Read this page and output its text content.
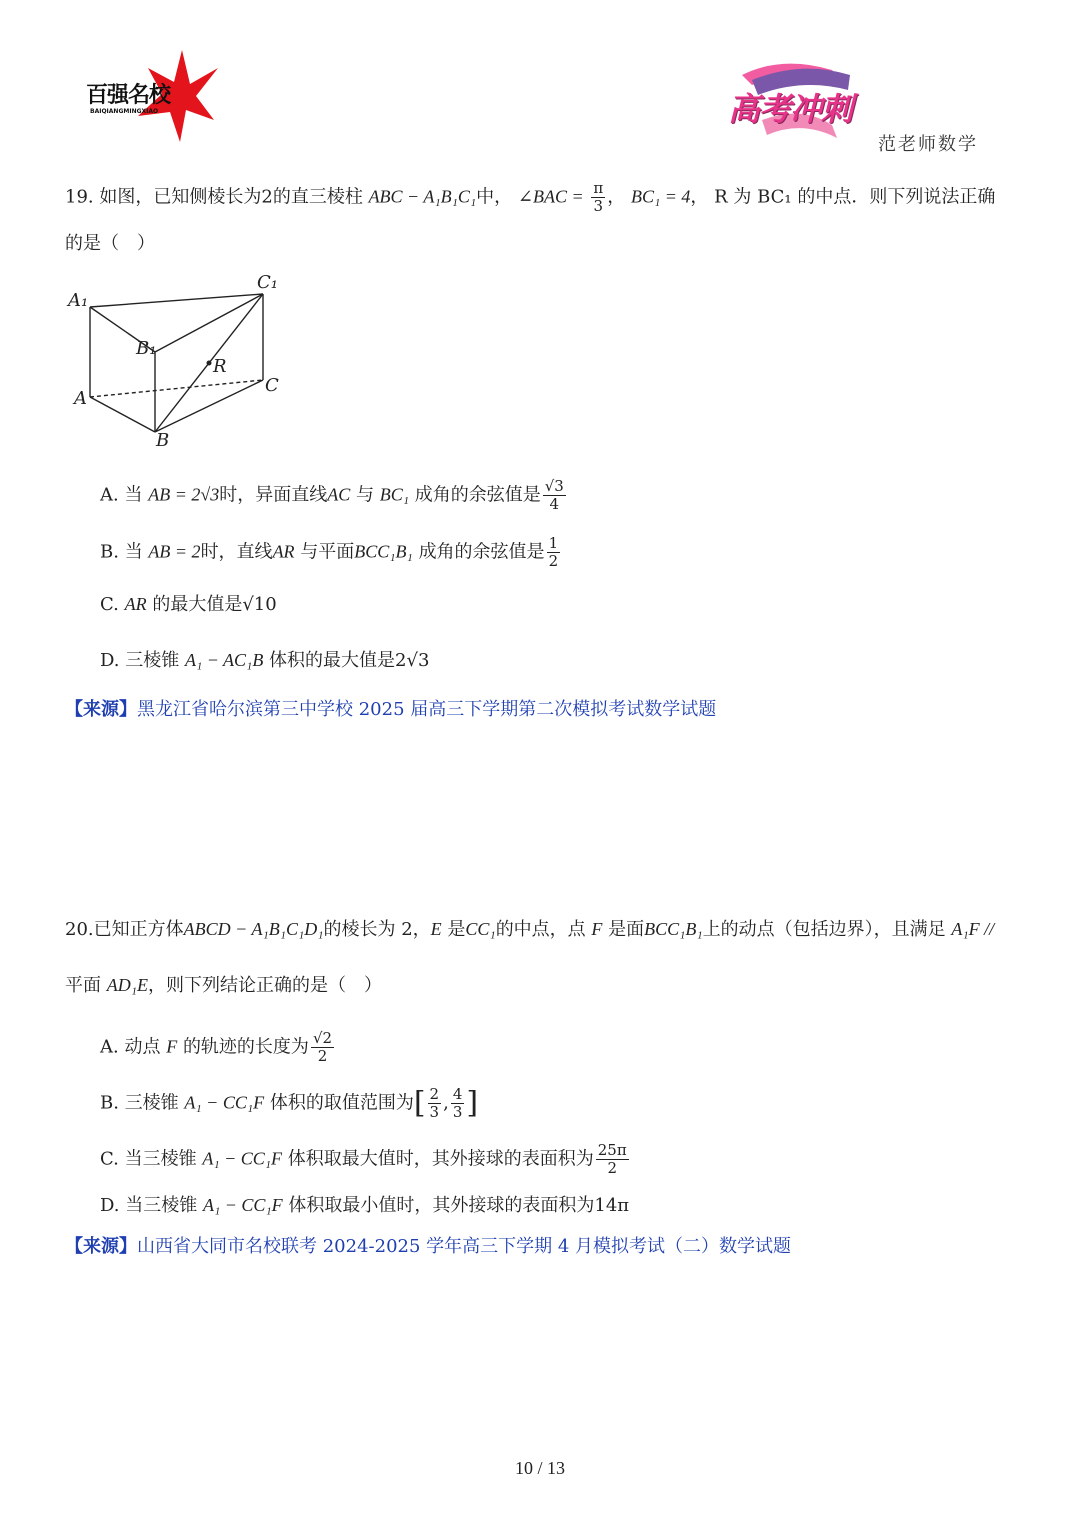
百强名校
BAIQIANGMINGXIAO	高考冲刺
范老师数学
19. 如图，已知侧棱长为2的直三棱柱 ABC − A₁B₁C₁中， ∠BAC = $\frac{\pi}{3}$ ， BC₁ = 4， R 为 BC₁ 的中点．则下列说法正确
的是（　）
A₁
C₁
B₁
R
C
A
B
A. 当 AB = 2√3时，异面直线AC 与 BC₁ 成角的余弦值是 $\frac{√3}{4}$
B. 当 AB = 2时，直线AR 与平面BCC₁B₁ 成角的余弦值是 $\frac{1}{2}$
C. AR 的最大值是√10
D. 三棱锥 A₁ − AC₁B 体积的最大值是2√3
【来源】黑龙江省哈尔滨第三中学校 2025 届高三下学期第二次模拟考试数学试题
20.已知正方体ABCD − A₁B₁C₁D₁的棱长为 2，E 是CC₁的中点，点 F 是面BCC₁B₁上的动点（包括边界），且满足 A₁F //
平面 AD₁E，则下列结论正确的是（　）
A. 动点 F 的轨迹的长度为 $\frac{√2}{2}$
B. 三棱锥 A₁ − CC₁F 体积的取值范围为[ $\frac{2}{3}$ , $\frac{4}{3}$ ]
C. 当三棱锥 A₁ − CC₁F 体积取最大值时，其外接球的表面积为 $\frac{25\pi}{2}$
D. 当三棱锥 A₁ − CC₁F 体积取最小值时，其外接球的表面积为14π
【来源】山西省大同市名校联考 2024-2025 学年高三下学期 4 月模拟考试（二）数学试题
10 / 13
